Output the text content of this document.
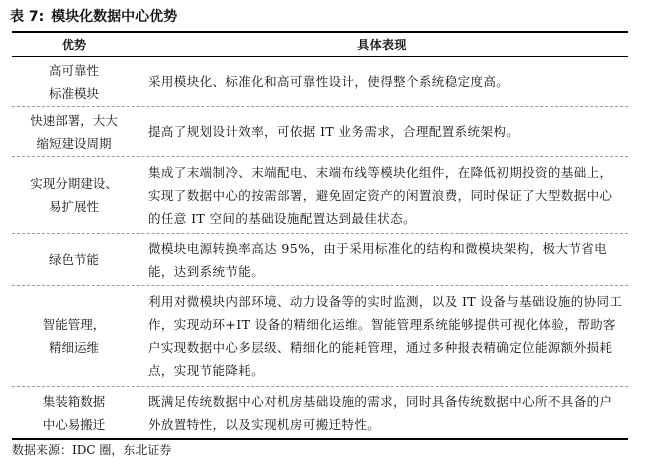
表 7: 模块化数据中心优势
优势	具体表现
高可靠性
标准模块
采用模块化、标准化和高可靠性设计，使得整个系统稳定度高。
快速部署，大大
缩短建设周期
提高了规划设计效率，可依据 IT 业务需求，合理配置系统架构。
实现分期建设、
易扩展性
集成了末端制冷、末端配电、末端布线等模块化组件，在降低初期投资的基础上，实现了数据中心的按需部署，避免固定资产的闲置浪费，同时保证了大型数据中心的任意 IT 空间的基础设施配置达到最佳状态。
绿色节能
微模块电源转换率高达 95%，由于采用标准化的结构和微模块架构，极大节省电能，达到系统节能。
智能管理，
精细运维
利用对微模块内部环境、动力设备等的实时监测，以及 IT 设备与基础设施的协同工作，实现动环+IT 设备的精细化运维。智能管理系统能够提供可视化体验，帮助客户实现数据中心多层级、精细化的能耗管理，通过多种报表精确定位能源额外损耗点，实现节能降耗。
集装箱数据
中心易搬迁
既满足传统数据中心对机房基础设施的需求，同时具备传统数据中心所不具备的户外放置特性，以及实现机房可搬迁特性。
数据来源：IDC 圈，东北证券
